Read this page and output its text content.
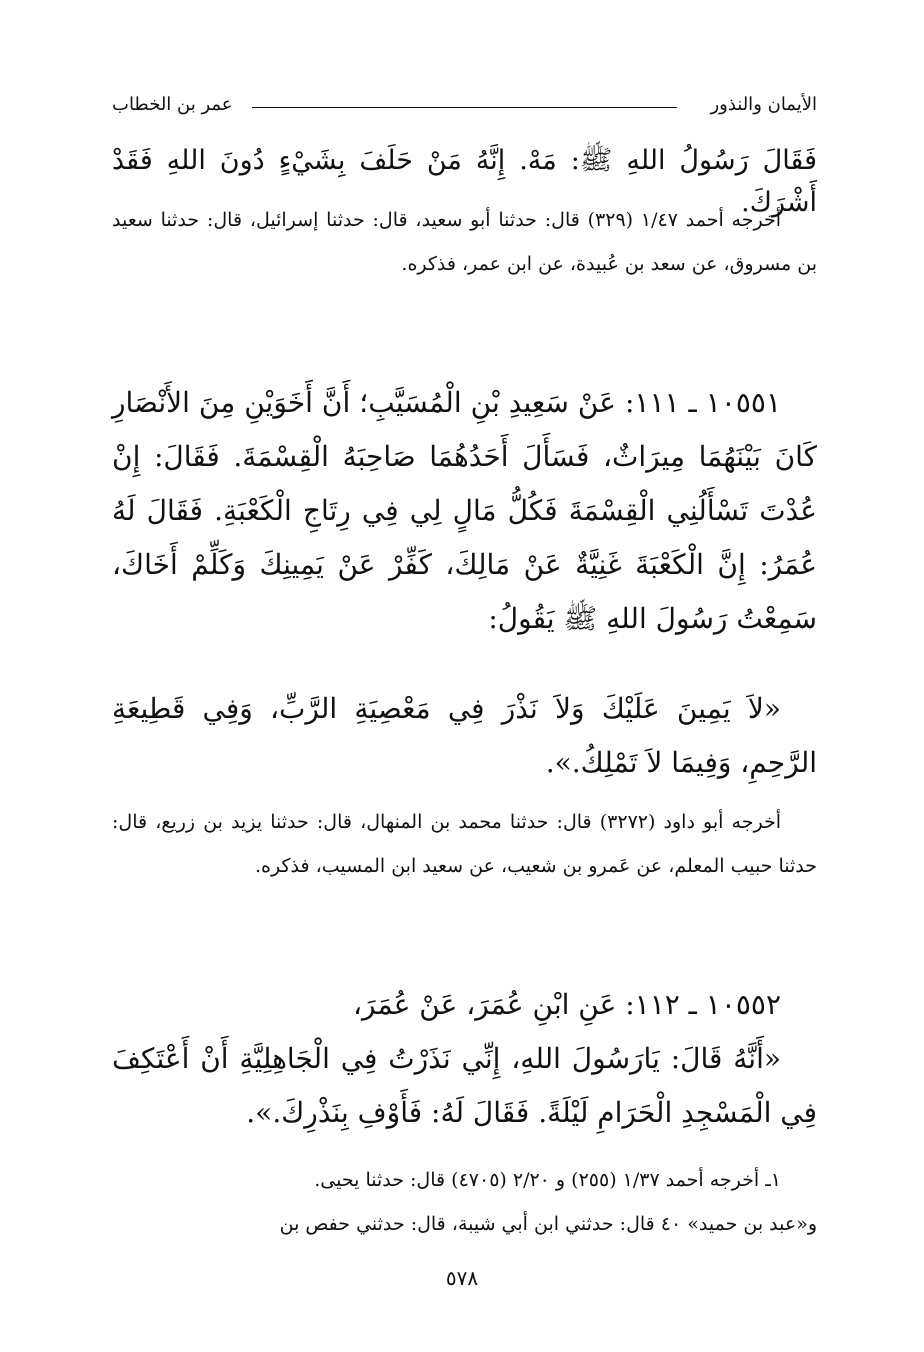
الأيمان والنذور
عمر بن الخطاب
فَقَالَ رَسُولُ اللهِ ﷺ: مَهْ. إِنَّهُ مَنْ حَلَفَ بِشَيْءٍ دُونَ اللهِ فَقَدْ أَشْرَكَ.
أخرجه أحمد ١/٤٧ (٣٢٩) قال: حدثنا أبو سعيد، قال: حدثنا إسرائيل، قال: حدثنا سعيد بن مسروق، عن سعد بن عُبيدة، عن ابن عمر، فذكره.
١٠٥٥١ ـ ١١١: عَنْ سَعِيدِ بْنِ الْمُسَيَّبِ؛ أَنَّ أَخَوَيْنِ مِنَ الأَنْصَارِ كَانَ بَيْنَهُمَا مِيرَاثٌ، فَسَأَلَ أَحَدُهُمَا صَاحِبَهُ الْقِسْمَةَ. فَقَالَ: إِنْ عُدْتَ تَسْأَلُنِي الْقِسْمَةَ فَكُلُّ مَالٍ لِي فِي رِتَاجِ الْكَعْبَةِ. فَقَالَ لَهُ عُمَرُ: إِنَّ الْكَعْبَةَ غَنِيَّةٌ عَنْ مَالِكَ، كَفِّرْ عَنْ يَمِينِكَ وَكَلِّمْ أَخَاكَ، سَمِعْتُ رَسُولَ اللهِ ﷺ يَقُولُ:
«لاَ يَمِينَ عَلَيْكَ وَلاَ نَذْرَ فِي مَعْصِيَةِ الرَّبِّ، وَفِي قَطِيعَةِ الرَّحِمِ، وَفِيمَا لاَ تَمْلِكُ.».
أخرجه أبو داود (٣٢٧٢) قال: حدثنا محمد بن المنهال، قال: حدثنا يزيد بن زريع، قال: حدثنا حبيب المعلم، عن عَمرو بن شعيب، عن سعيد ابن المسيب، فذكره.
١٠٥٥٢ ـ ١١٢: عَنِ ابْنِ عُمَرَ، عَنْ عُمَرَ،
«أَنَّهُ قَالَ: يَارَسُولَ اللهِ، إِنِّي نَذَرْتُ فِي الْجَاهِلِيَّةِ أَنْ أَعْتَكِفَ فِي الْمَسْجِدِ الْحَرَامِ لَيْلَةً. فَقَالَ لَهُ: فَأَوْفِ بِنَذْرِكَ.».
١ـ أخرجه أحمد ١/٣٧ (٢٥٥) و ٢/٢٠ (٤٧٠٥) قال: حدثنا يحيى.
و«عبد بن حميد» ٤٠ قال: حدثني ابن أبي شيبة، قال: حدثني حفص بن
٥٧٨
